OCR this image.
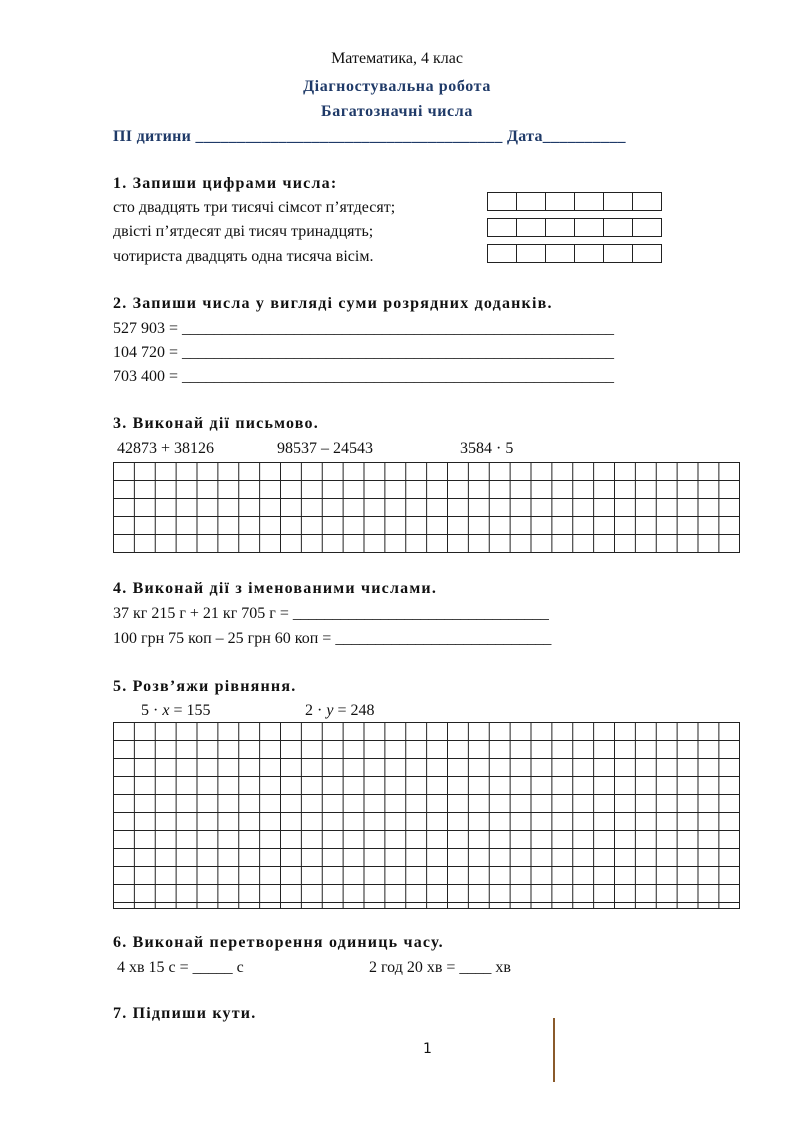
Математика, 4 клас
Діагностувальна робота
Багатозначні числа
ПІ дитини _____________________________________ Дата__________
1. Запиши цифрами числа:
сто двадцять три тисячі сімсот п’ятдесят;
двісті п’ятдесят дві тисяч тринадцять;
чотириста двадцять одна тисяча вісім.
2. Запиши числа у вигляді суми розрядних доданків.
527 903 = ______________________________________________________
104 720 = ______________________________________________________
703 400 = ______________________________________________________
3. Виконай дії письмово.
42873 + 38126	98537 – 24543	3584 · 5
4. Виконай дії з іменованими числами.
37 кг 215 г + 21 кг 705 г = ________________________________
100 грн 75 коп – 25 грн 60 коп = ___________________________
5. Розв’яжи рівняння.
5 · x = 155	2 · у = 248
6. Виконай перетворення одиниць часу.
4 хв 15 с = _____ с	2 год 20 хв = ____ хв
7. Підпиши кути.
1
